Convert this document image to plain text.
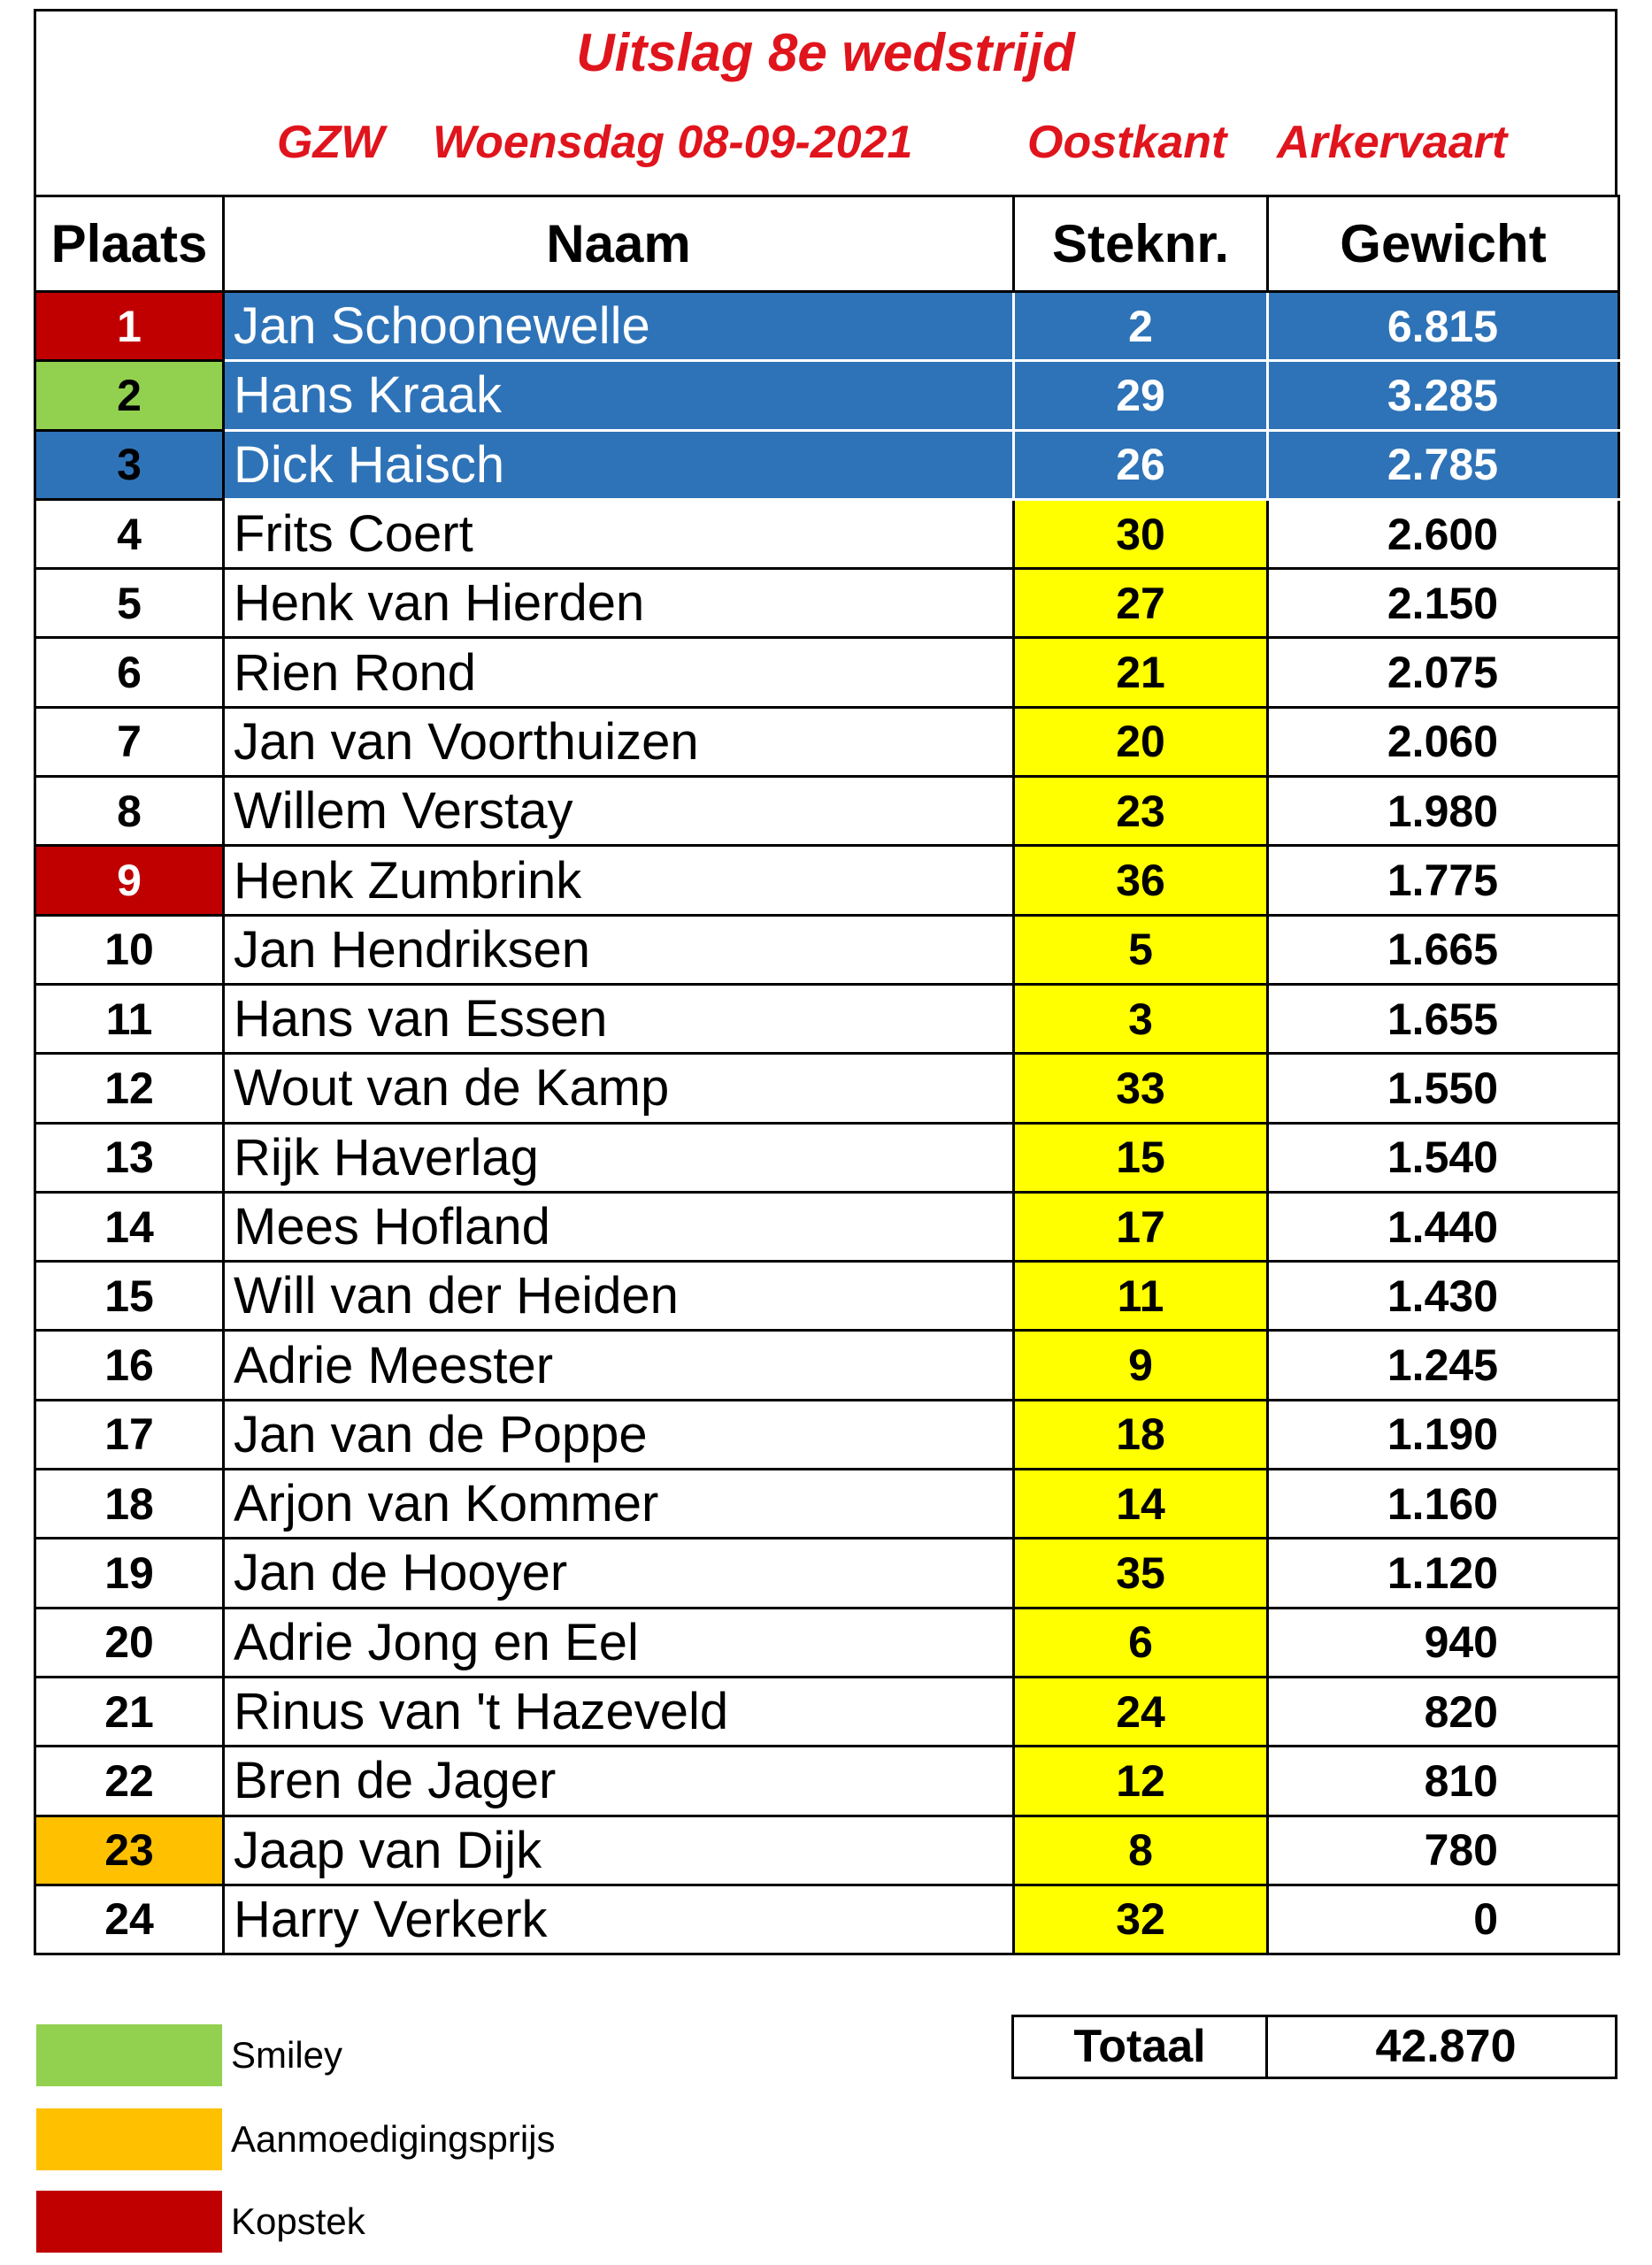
Uitslag 8e wedstrijd
GZW Woensdag 08-09-2021 Oostkant Arkervaart
Plaats	Naam	Steknr.	Gewicht
1	Jan Schoonewelle	2	6.815
2	Hans Kraak	29	3.285
3	Dick Haisch	26	2.785
4	Frits Coert	30	2.600
5	Henk van Hierden	27	2.150
6	Rien Rond	21	2.075
7	Jan van Voorthuizen	20	2.060
8	Willem Verstay	23	1.980
9	Henk Zumbrink	36	1.775
10	Jan Hendriksen	5	1.665
11	Hans van Essen	3	1.655
12	Wout van de Kamp	33	1.550
13	Rijk Haverlag	15	1.540
14	Mees Hofland	17	1.440
15	Will van der Heiden	11	1.430
16	Adrie Meester	9	1.245
17	Jan van de Poppe	18	1.190
18	Arjon van Kommer	14	1.160
19	Jan de Hooyer	35	1.120
20	Adrie Jong en Eel	6	940
21	Rinus van 't Hazeveld	24	820
22	Bren de Jager	12	810
23	Jaap van Dijk	8	780
24	Harry Verkerk	32	0
Totaal	42.870
Smiley
Aanmoedigingsprijs
Kopstek
